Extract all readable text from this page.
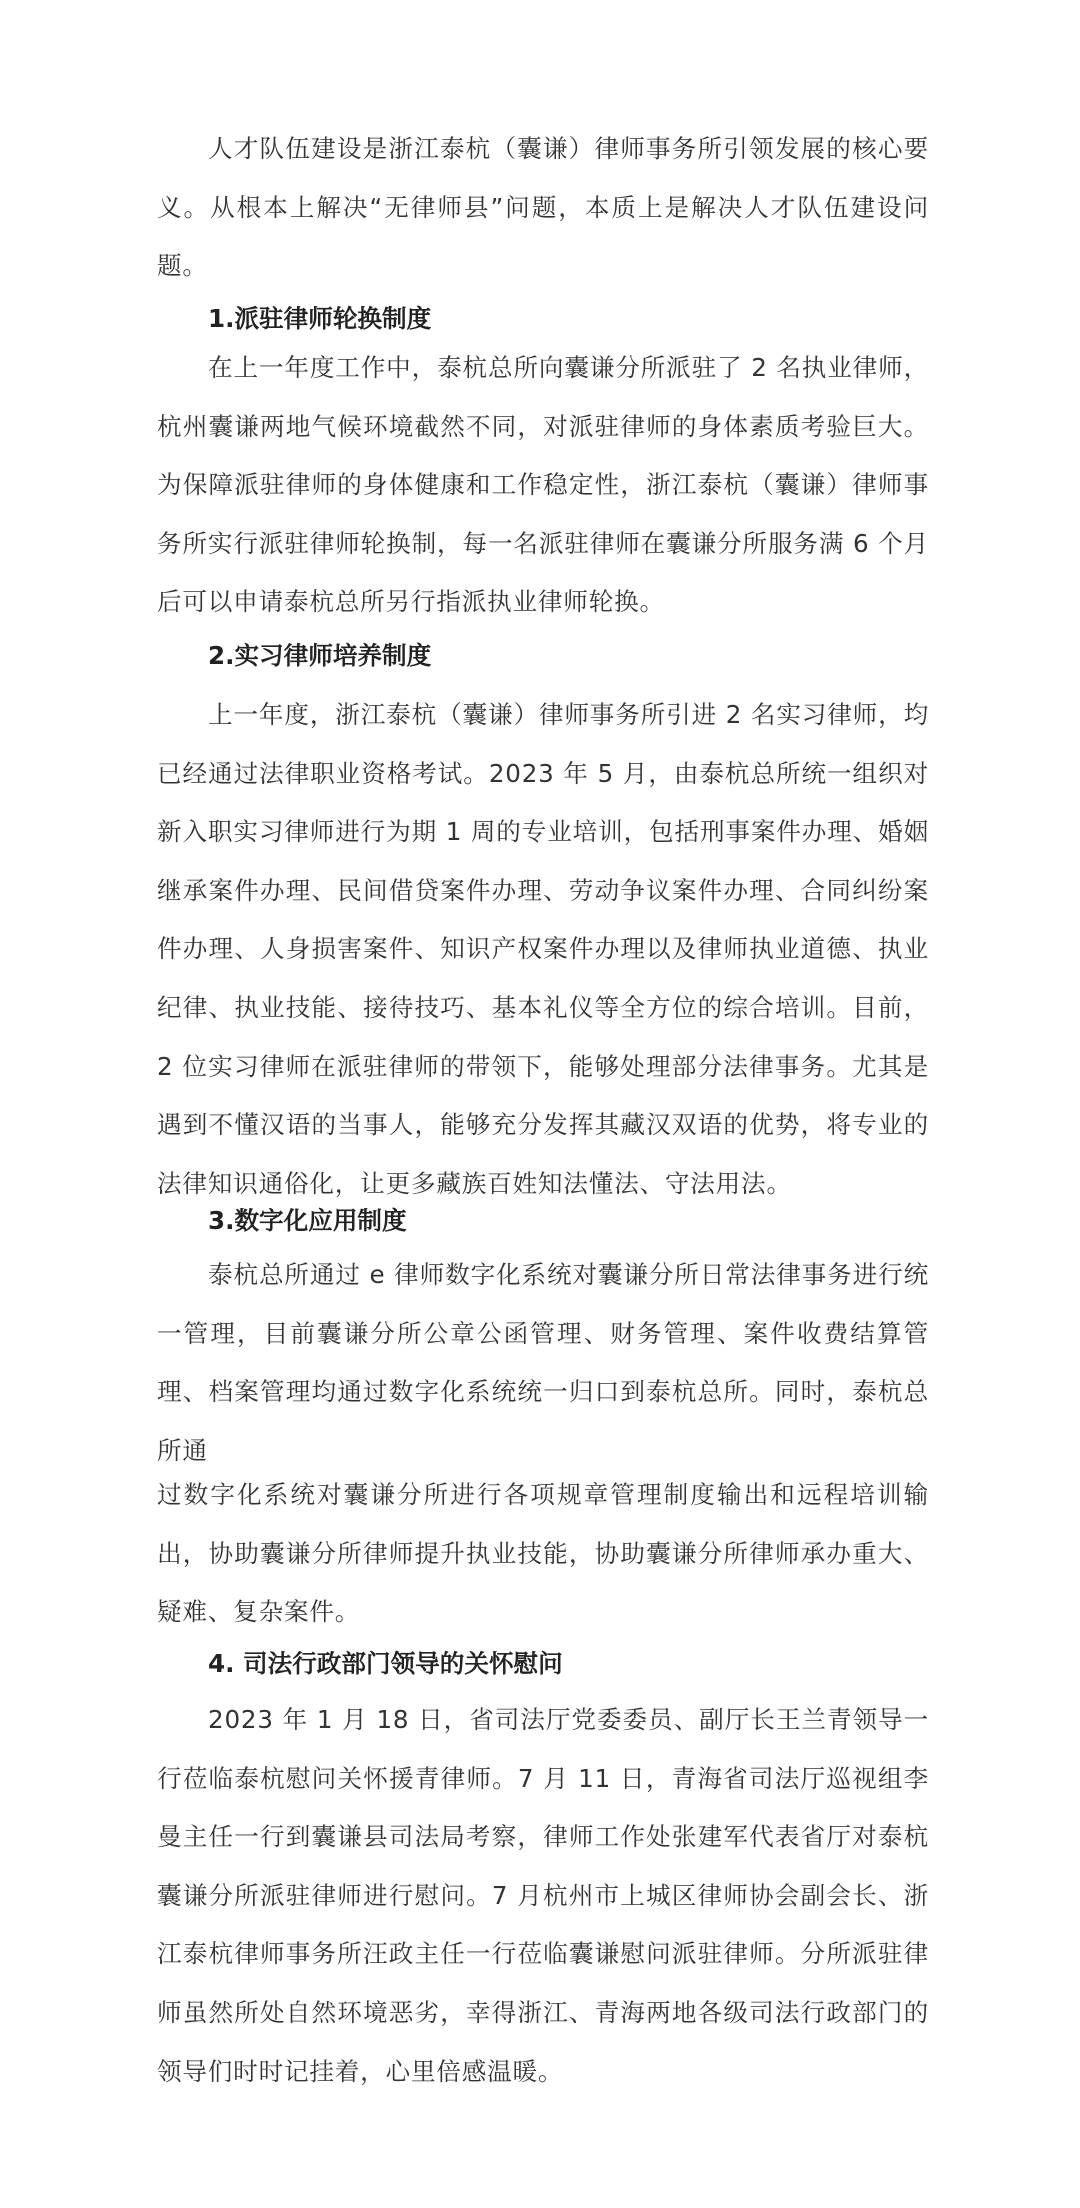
人才队伍建设是浙江泰杭（囊谦）律师事务所引领发展的核心要义。从根本上解决“无律师县”问题，本质上是解决人才队伍建设问题。

1.派驻律师轮换制度

在上一年度工作中，泰杭总所向囊谦分所派驻了 2 名执业律师，杭州囊谦两地气候环境截然不同，对派驻律师的身体素质考验巨大。为保障派驻律师的身体健康和工作稳定性，浙江泰杭（囊谦）律师事务所实行派驻律师轮换制，每一名派驻律师在囊谦分所服务满 6 个月后可以申请泰杭总所另行指派执业律师轮换。

2.实习律师培养制度

上一年度，浙江泰杭（囊谦）律师事务所引进 2 名实习律师，均已经通过法律职业资格考试。2023 年 5 月，由泰杭总所统一组织对新入职实习律师进行为期 1 周的专业培训，包括刑事案件办理、婚姻继承案件办理、民间借贷案件办理、劳动争议案件办理、合同纠纷案件办理、人身损害案件、知识产权案件办理以及律师执业道德、执业纪律、执业技能、接待技巧、基本礼仪等全方位的综合培训。目前，2 位实习律师在派驻律师的带领下，能够处理部分法律事务。尤其是遇到不懂汉语的当事人，能够充分发挥其藏汉双语的优势，将专业的法律知识通俗化，让更多藏族百姓知法懂法、守法用法。

3.数字化应用制度

泰杭总所通过 e 律师数字化系统对囊谦分所日常法律事务进行统一管理，目前囊谦分所公章公函管理、财务管理、案件收费结算管理、档案管理均通过数字化系统统一归口到泰杭总所。同时，泰杭总所通

过数字化系统对囊谦分所进行各项规章管理制度输出和远程培训输出，协助囊谦分所律师提升执业技能，协助囊谦分所律师承办重大、疑难、复杂案件。

4. 司法行政部门领导的关怀慰问

2023 年 1 月 18 日，省司法厅党委委员、副厅长王兰青领导一行莅临泰杭慰问关怀援青律师。7 月 11 日，青海省司法厅巡视组李曼主任一行到囊谦县司法局考察，律师工作处张建军代表省厅对泰杭囊谦分所派驻律师进行慰问。7 月杭州市上城区律师协会副会长、浙江泰杭律师事务所汪政主任一行莅临囊谦慰问派驻律师。分所派驻律师虽然所处自然环境恶劣，幸得浙江、青海两地各级司法行政部门的领导们时时记挂着，心里倍感温暖。
